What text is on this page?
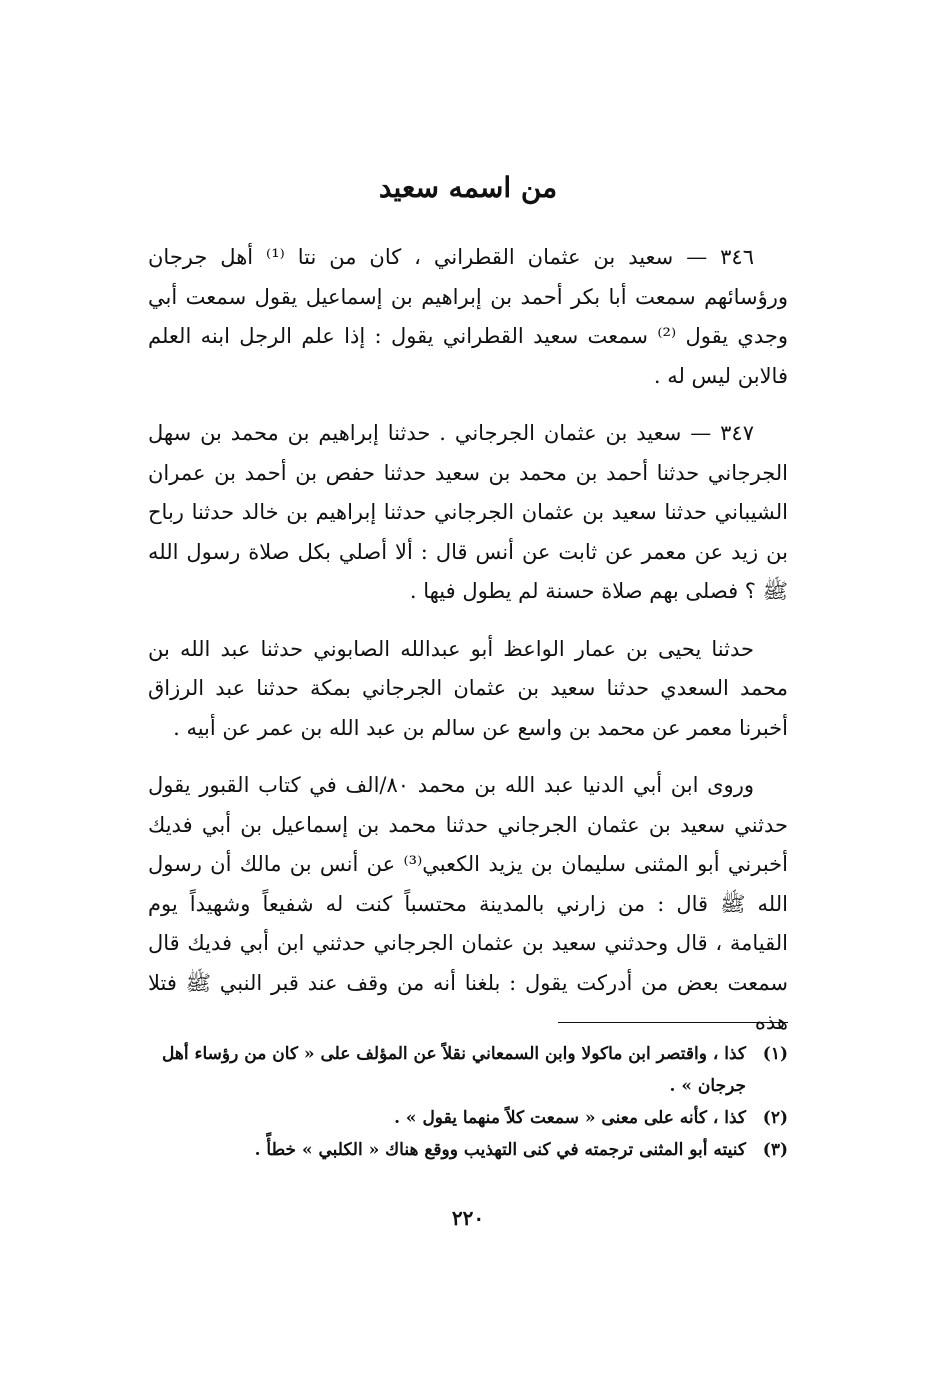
من اسمه سعيد

٣٤٦ — سعيد بن عثمان القطراني ، كان من نتا ⁽¹⁾ أهل جرجان ورؤسائهم سمعت أبا بكر أحمد بن إبراهيم بن إسماعيل يقول سمعت أبي وجدي يقول ⁽²⁾ سمعت سعيد القطراني يقول : إذا علم الرجل ابنه العلم فالابن ليس له .

٣٤٧ — سعيد بن عثمان الجرجاني . حدثنا إبراهيم بن محمد بن سهل الجرجاني حدثنا أحمد بن محمد بن سعيد حدثنا حفص بن أحمد بن عمران الشيباني حدثنا سعيد بن عثمان الجرجاني حدثنا إبراهيم بن خالد حدثنا رباح بن زيد عن معمر عن ثابت عن أنس قال : ألا أصلي بكل صلاة رسول الله ﷺ ؟ فصلى بهم صلاة حسنة لم يطول فيها .

حدثنا يحيى بن عمار الواعظ أبو عبدالله الصابوني حدثنا عبد الله بن محمد السعدي حدثنا سعيد بن عثمان الجرجاني بمكة حدثنا عبد الرزاق أخبرنا معمر عن محمد بن واسع عن سالم بن عبد الله بن عمر عن أبيه .

وروى ابن أبي الدنيا عبد الله بن محمد ٨٠/الف في كتاب القبور يقول حدثني سعيد بن عثمان الجرجاني حدثنا محمد بن إسماعيل بن أبي فديك أخبرني أبو المثنى سليمان بن يزيد الكعبي⁽³⁾ عن أنس بن مالك أن رسول الله ﷺ قال : من زارني بالمدينة محتسباً كنت له شفيعاً وشهيداً يوم القيامة ، قال وحدثني سعيد بن عثمان الجرجاني حدثني ابن أبي فديك قال سمعت بعض من أدركت يقول : بلغنا أنه من وقف عند قبر النبي ﷺ فتلا هذه

(١)
كذا ، واقتصر ابن ماكولا وابن السمعاني نقلاً عن المؤلف على « كان من رؤساء أهل جرجان » .
(٢)
كذا ، كأنه على معنى « سمعت كلاً منهما يقول » .
(٣)
كنيته أبو المثنى ترجمته في كنى التهذيب ووقع هناك « الكلبي » خطأً .
٢٢٠
